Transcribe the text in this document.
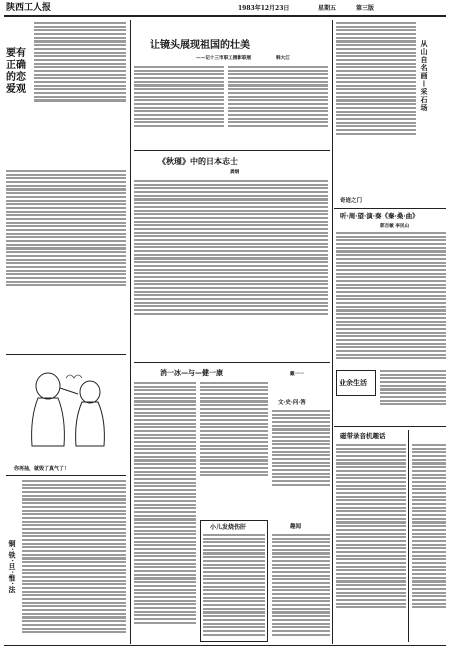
陕西工人报	1983年12月23日	星期五	第三版
要有正确的恋爱观
你再抽，就毁了真气了！
铜·铁·旦·惟·法
让镜头展现祖国的壮美
——记十三市职工摄影联展	韩大江
《秋瑾》中的日本志士
龚炯
消一冰—与—健一康	戴一一
小儿发烧伤肝
文·史·问·答
趣闻
从山自名画—采石场
奇迹之门
听·周·望·演·奏《秦·桑·曲》
郭吉敏 李民山
业余生活
磁带录音机趣话
